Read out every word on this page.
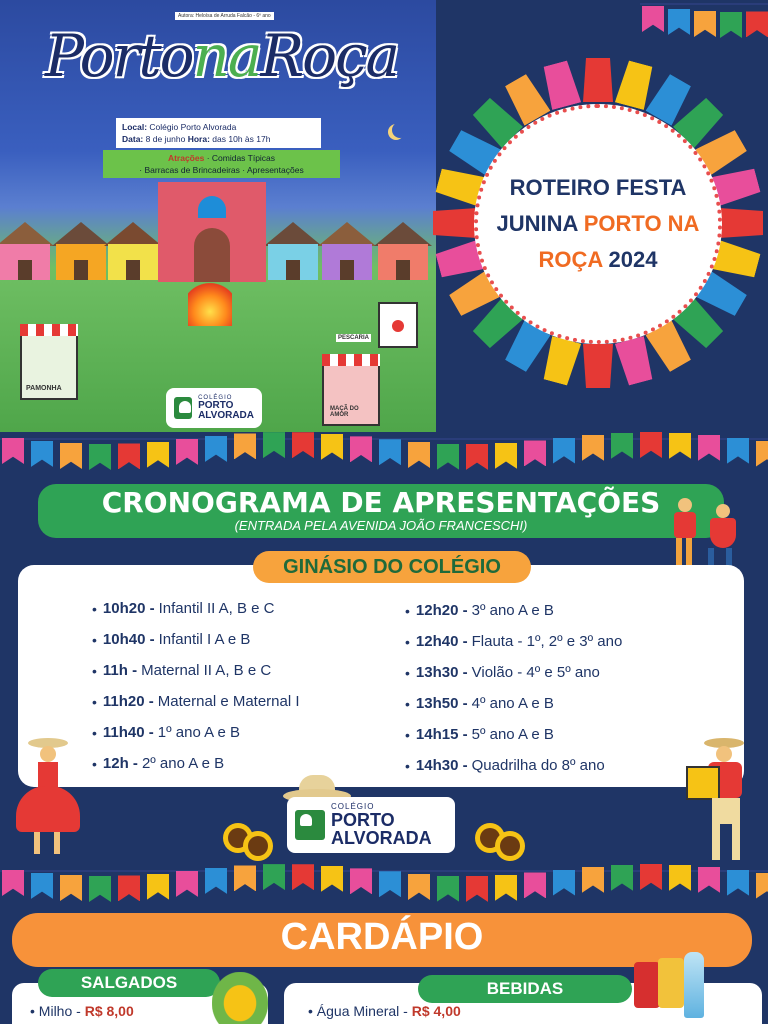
Autora: Heloísa de Arruda Falcão - 6º ano
PortonaRoça
Local: Colégio Porto Alvorada
Data: 8 de junho Hora: das 10h às 17h
Atrações · Comidas Típicas
· Barracas de Brincadeiras · Apresentações
PAMONHA
MAÇÃ DO AMOR
PESCARIA
COLÉGIO
PORTO
ALVORADA
ROTEIRO FESTA
JUNINA PORTO NA
ROÇA 2024
CRONOGRAMA DE APRESENTAÇÕES
(ENTRADA PELA AVENIDA JOÃO FRANCESCHI)
• 10h20 - Infantil II A, B e C
• 10h40 - Infantil I A e B
• 11h - Maternal II A, B e C
• 11h20 - Maternal e Maternal I
• 11h40 - 1º ano A e B
• 12h - 2º ano A e B
• 12h20 - 3º ano A e B
• 12h40 - Flauta - 1º, 2º e 3º ano
• 13h30 - Violão - 4º e 5º ano
• 13h50 - 4º ano A e B
• 14h15 - 5º ano A e B
• 14h30 - Quadrilha do 8º ano
GINÁSIO DO COLÉGIO
COLÉGIO
PORTO
ALVORADA
CARDÁPIO
• Milho - R$ 8,00
SALGADOS
• Água Mineral - R$ 4,00
BEBIDAS
